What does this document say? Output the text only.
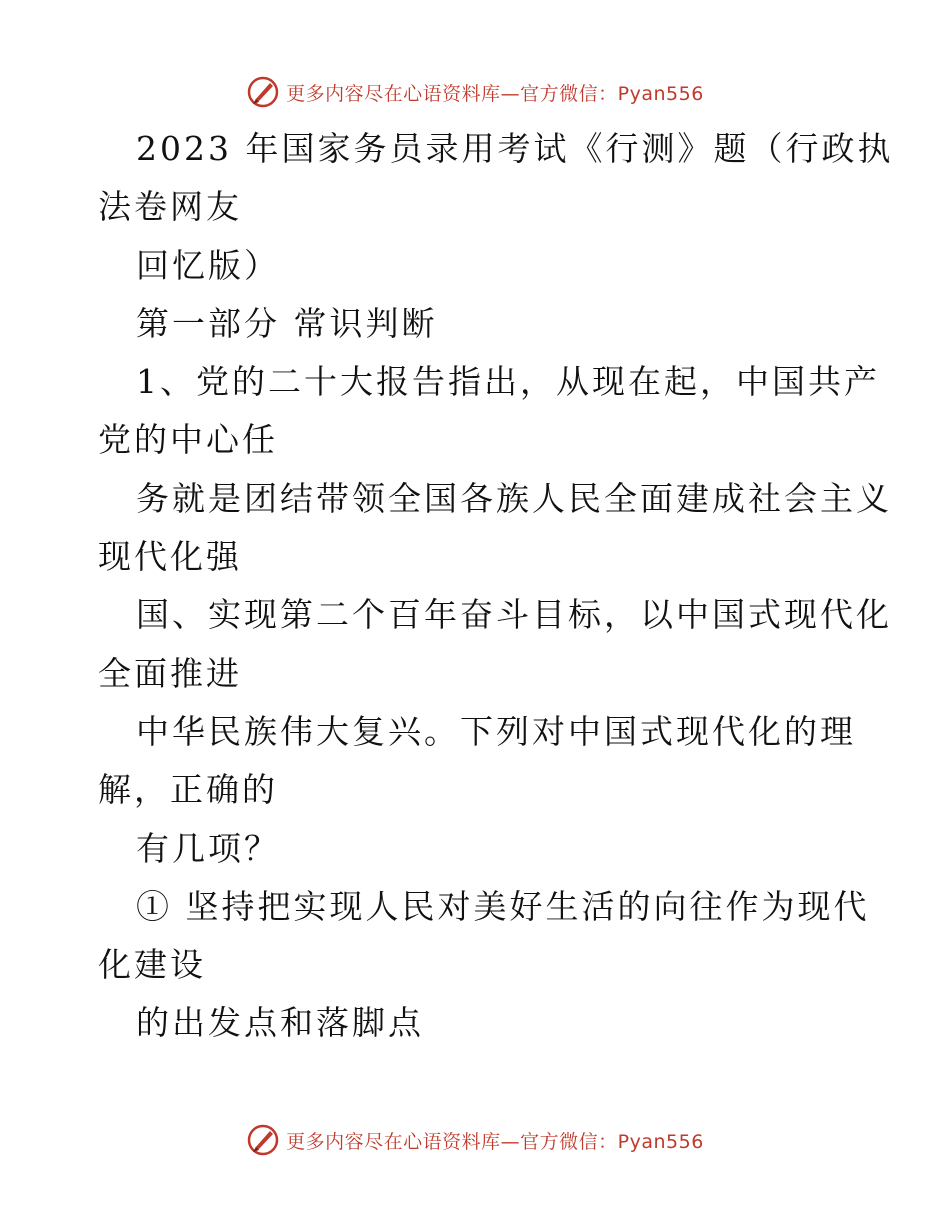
更多内容尽在心语资料库—官方微信：Pyan556
2023 年国家务员录用考试《行测》题（行政执
法卷网友
回忆版）
第一部分 常识判断
1、党的二十大报告指出，从现在起，中国共产
党的中心任
务就是团结带领全国各族人民全面建成社会主义
现代化强
国、实现第二个百年奋斗目标，以中国式现代化
全面推进
中华民族伟大复兴。下列对中国式现代化的理
解，正确的
有几项？
① 坚持把实现人民对美好生活的向往作为现代
化建设
的出发点和落脚点
更多内容尽在心语资料库—官方微信：Pyan556
